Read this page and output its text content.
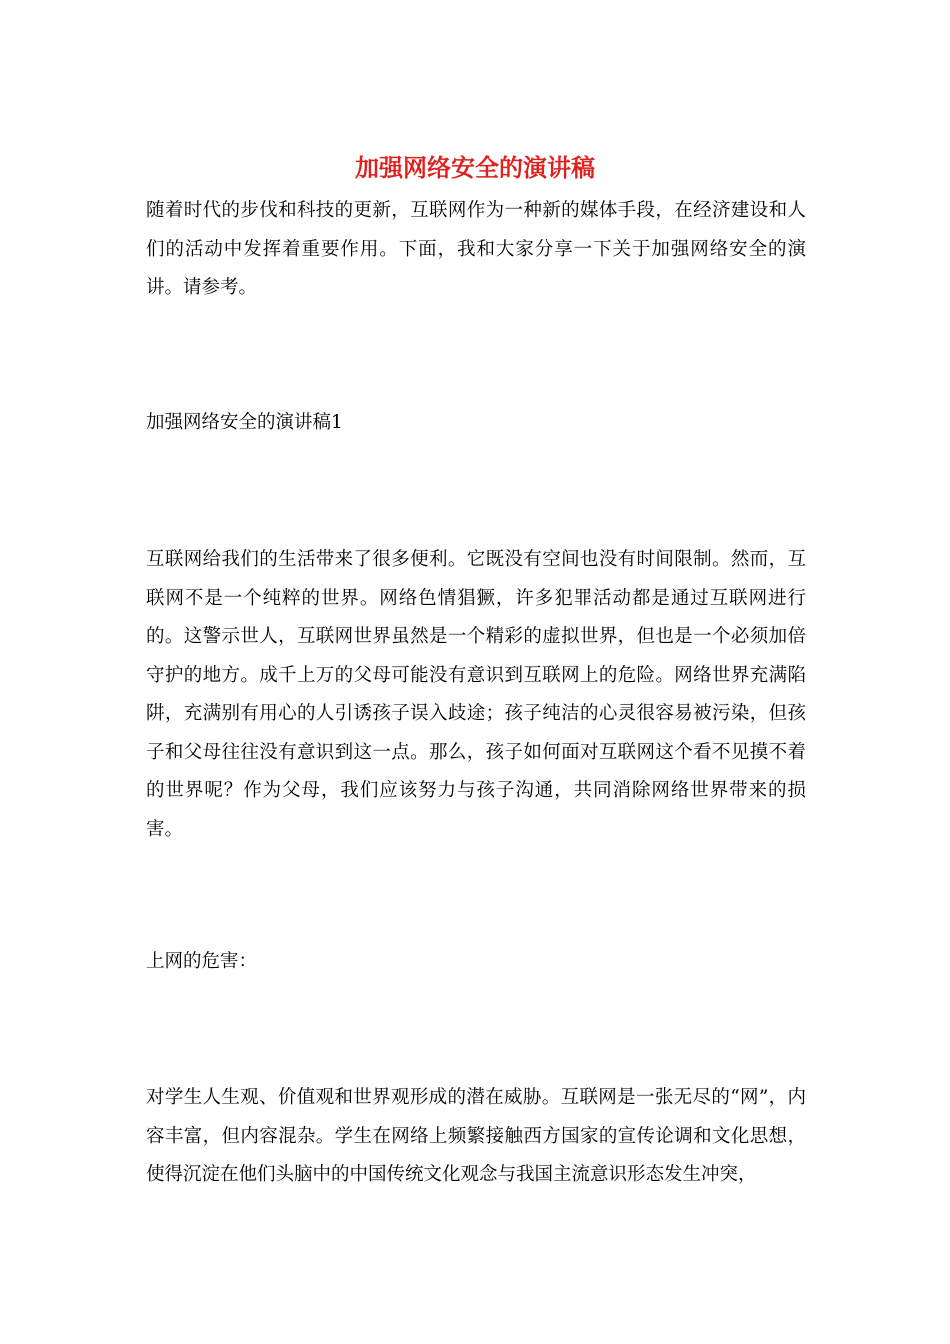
加强网络安全的演讲稿

随着时代的步伐和科技的更新，互联网作为一种新的媒体手段，在经济建设和人们的活动中发挥着重要作用。下面，我和大家分享一下关于加强网络安全的演讲。请参考。

加强网络安全的演讲稿1

互联网给我们的生活带来了很多便利。它既没有空间也没有时间限制。然而，互联网不是一个纯粹的世界。网络色情猖獗，许多犯罪活动都是通过互联网进行的。这警示世人，互联网世界虽然是一个精彩的虚拟世界，但也是一个必须加倍守护的地方。成千上万的父母可能没有意识到互联网上的危险。网络世界充满陷阱，充满别有用心的人引诱孩子误入歧途；孩子纯洁的心灵很容易被污染，但孩子和父母往往没有意识到这一点。那么，孩子如何面对互联网这个看不见摸不着的世界呢？作为父母，我们应该努力与孩子沟通，共同消除网络世界带来的损害。

上网的危害：

对学生人生观、价值观和世界观形成的潜在威胁。互联网是一张无尽的“网”，内容丰富，但内容混杂。学生在网络上频繁接触西方国家的宣传论调和文化思想，使得沉淀在他们头脑中的中国传统文化观念与我国主流意识形态发生冲突，
